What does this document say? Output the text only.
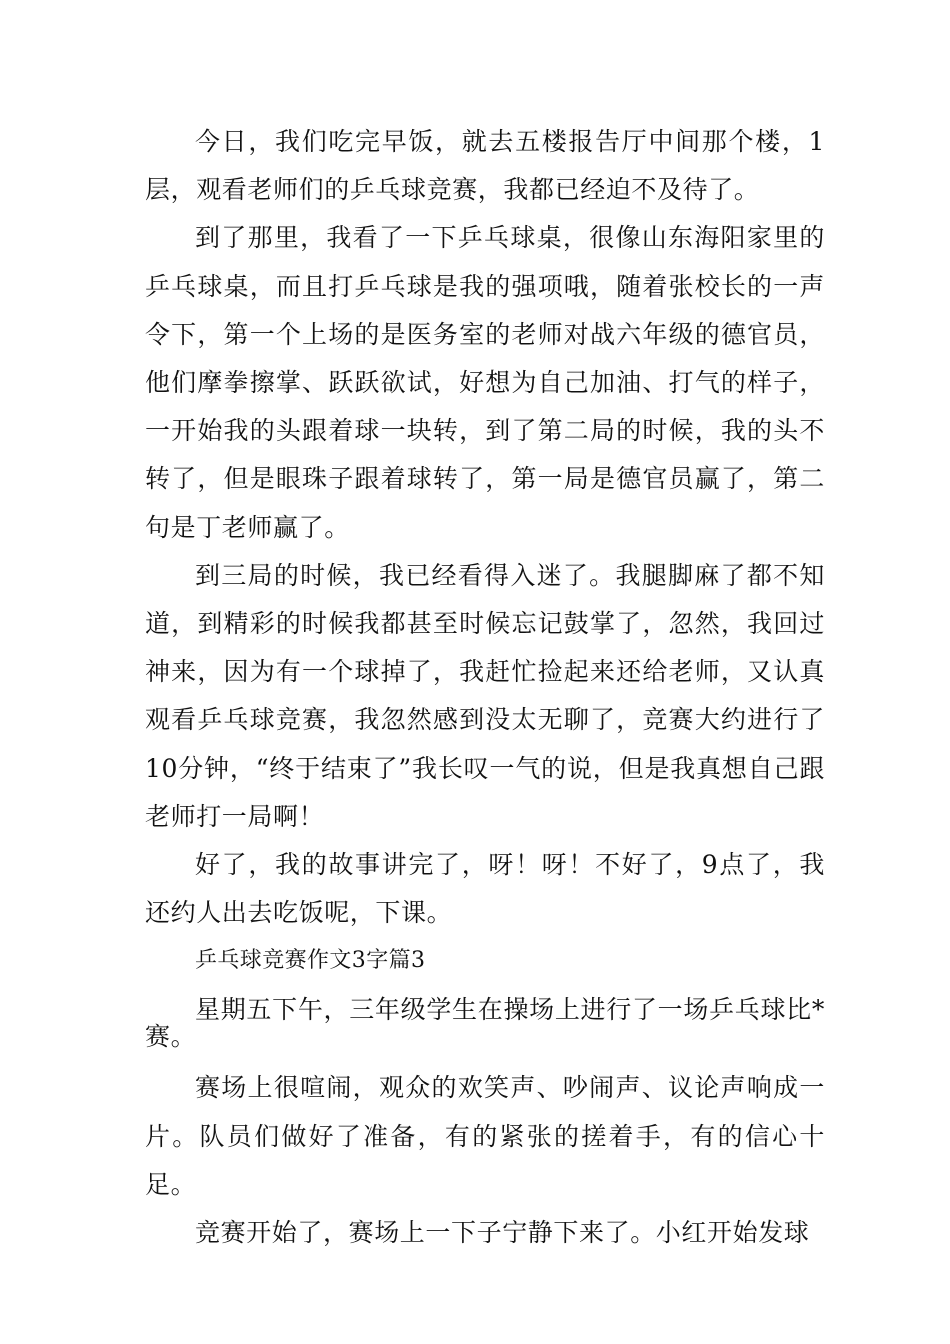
今日，我们吃完早饭，就去五楼报告厅中间那个楼，1层，观看老师们的乒乓球竞赛，我都已经迫不及待了。

到了那里，我看了一下乒乓球桌，很像山东海阳家里的乒乓球桌，而且打乒乓球是我的强项哦，随着张校长的一声令下，第一个上场的是医务室的老师对战六年级的德官员，他们摩拳擦掌、跃跃欲试，好想为自己加油、打气的样子，一开始我的头跟着球一块转，到了第二局的时候，我的头不转了，但是眼珠子跟着球转了，第一局是德官员赢了，第二句是丁老师赢了。

到三局的时候，我已经看得入迷了。我腿脚麻了都不知道，到精彩的时候我都甚至时候忘记鼓掌了，忽然，我回过神来，因为有一个球掉了，我赶忙捡起来还给老师，又认真观看乒乓球竞赛，我忽然感到没太无聊了，竞赛大约进行了10分钟，“终于结束了”我长叹一气的说，但是我真想自己跟老师打一局啊！

好了，我的故事讲完了，呀！呀！不好了，9点了，我还约人出去吃饭呢，下课。

乒乓球竞赛作文3字篇3

星期五下午，三年级学生在操场上进行了一场乒乓球比*赛。

赛场上很喧闹，观众的欢笑声、吵闹声、议论声响成一片。队员们做好了准备，有的紧张的搓着手，有的信心十足。

竞赛开始了，赛场上一下子宁静下来了。小红开始发球
